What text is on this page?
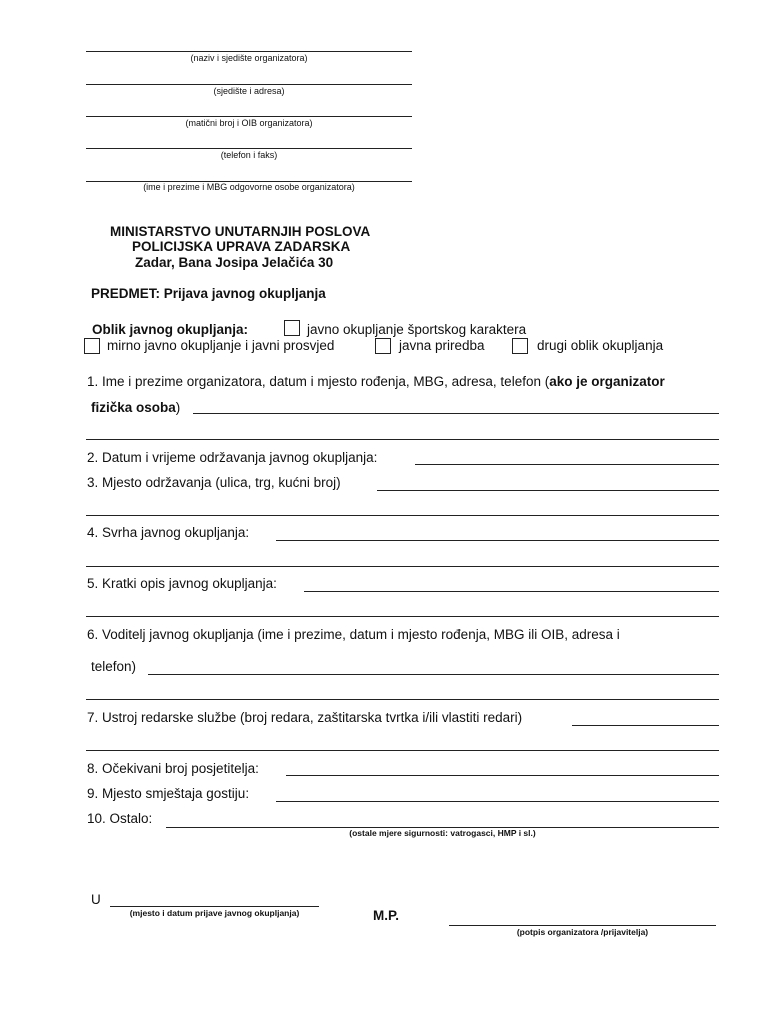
(naziv i sjedište organizatora)
(sjedište i adresa)
(matični broj i OIB organizatora)
(telefon i faks)
(ime i prezime i MBG odgovorne osobe organizatora)
MINISTARSTVO UNUTARNJIH POSLOVA
POLICIJSKA UPRAVA ZADARSKA
Zadar, Bana Josipa Jelačića 30
PREDMET: Prijava javnog okupljanja
Oblik javnog okupljanja:	javno okupljanje športskog karaktera
mirno javno okupljanje i javni prosvjed	javna priredba	drugi oblik okupljanja
1. Ime i prezime organizatora, datum i mjesto rođenja, MBG, adresa, telefon (ako je organizator
fizička osoba)
2. Datum i vrijeme održavanja javnog okupljanja:
3. Mjesto održavanja (ulica, trg, kućni broj)
4. Svrha javnog okupljanja:
5. Kratki opis javnog okupljanja:
6. Voditelj javnog okupljanja (ime i prezime, datum i mjesto rođenja, MBG ili OIB, adresa i
telefon)
7. Ustroj redarske službe (broj redara, zaštitarska tvrtka i/ili vlastiti redari)
8. Očekivani broj posjetitelja:
9. Mjesto smještaja gostiju:
10. Ostalo:
(ostale mjere sigurnosti: vatrogasci, HMP i sl.)
U
(mjesto i datum prijave javnog okupljanja)	M.P.
(potpis organizatora /prijavitelja)
